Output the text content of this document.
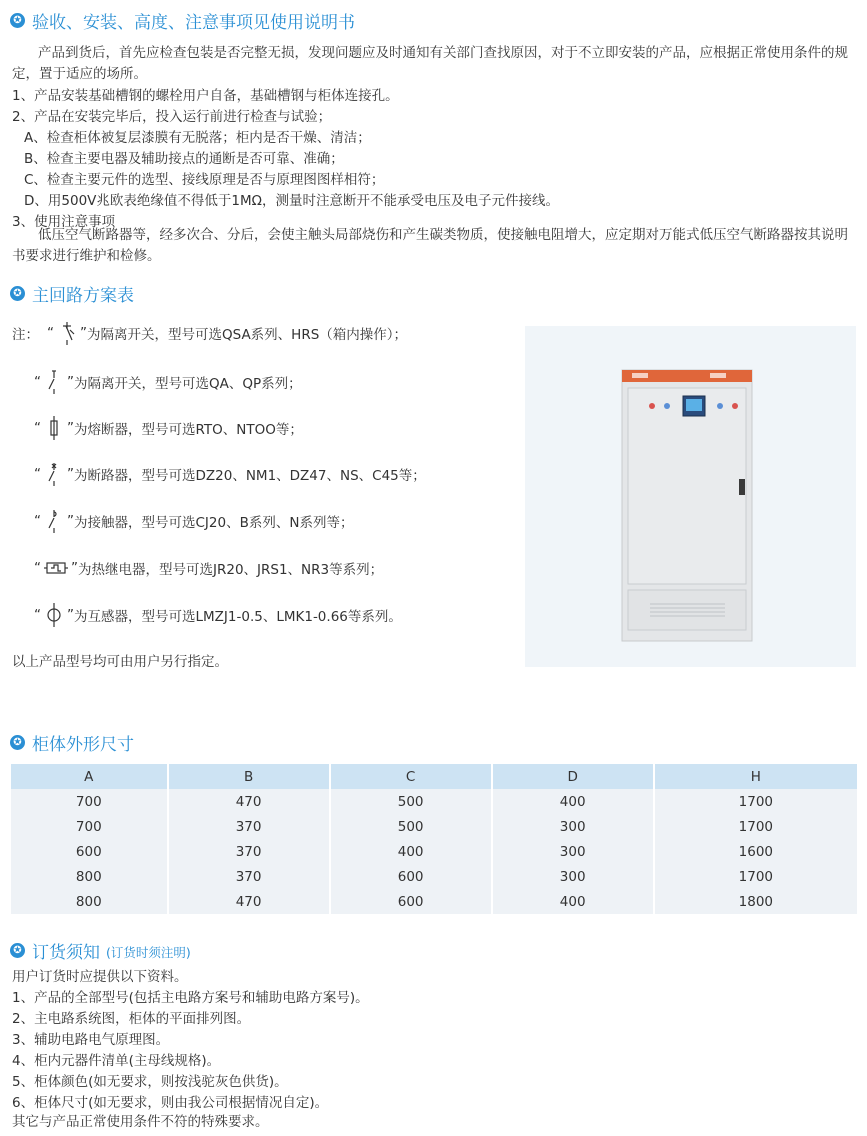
✪ 验收、安装、高度、注意事项见使用说明书
产品到货后，首先应检查包装是否完整无损，发现问题应及时通知有关部门查找原因，对于不立即安装的产品，应根据正常使用条件的规定，置于适应的场所。
1、产品安装基础槽钢的螺栓用户自备，基础槽钢与柜体连接孔。
2、产品在安装完毕后，投入运行前进行检查与试验；
A、检查柜体被复层漆膜有无脱落；柜内是否干燥、清洁；
B、检查主要电器及辅助接点的通断是否可靠、准确；
C、检查主要元件的选型、接线原理是否与原理图图样相符；
D、用500V兆欧表绝缘值不得低于1MΩ，测量时注意断开不能承受电压及电子元件接线。
3、使用注意事项
低压空气断路器等，经多次合、分后，会使主触头局部烧伤和产生碳类物质，使接触电阻增大，应定期对万能式低压空气断路器按其说明书要求进行维护和检修。
✪ 主回路方案表
注： “ ” 为隔离开关，型号可选QSA系列、HRS（箱内操作）；
“ ” 为隔离开关，型号可选QA、QP系列；
“ ” 为熔断器，型号可选RTO、NTOO等；
“ ” 为断路器，型号可选DZ20、NM1、DZ47、NS、C45等；
“ ” 为接触器，型号可选CJ20、B系列、N系列等；
“ ” 为热继电器，型号可选JR20、JRS1、NR3等系列；
“ ” 为互感器，型号可选LMZJ1-0.5、LMK1-0.66等系列。
以上产品型号均可由用户另行指定。
✪ 柜体外形尺寸
A	B	C	D	H
700	470	500	400	1700
700	370	500	300	1700
600	370	400	300	1600
800	370	600	300	1700
800	470	600	400	1800
✪ 订货须知 (订货时须注明)
用户订货时应提供以下资料。
1、产品的全部型号(包括主电路方案号和辅助电路方案号)。
2、主电路系统图，柜体的平面排列图。
3、辅助电路电气原理图。
4、柜内元器件清单(主母线规格)。
5、柜体颜色(如无要求，则按浅驼灰色供货)。
6、柜体尺寸(如无要求，则由我公司根据情况自定)。
其它与产品正常使用条件不符的特殊要求。
